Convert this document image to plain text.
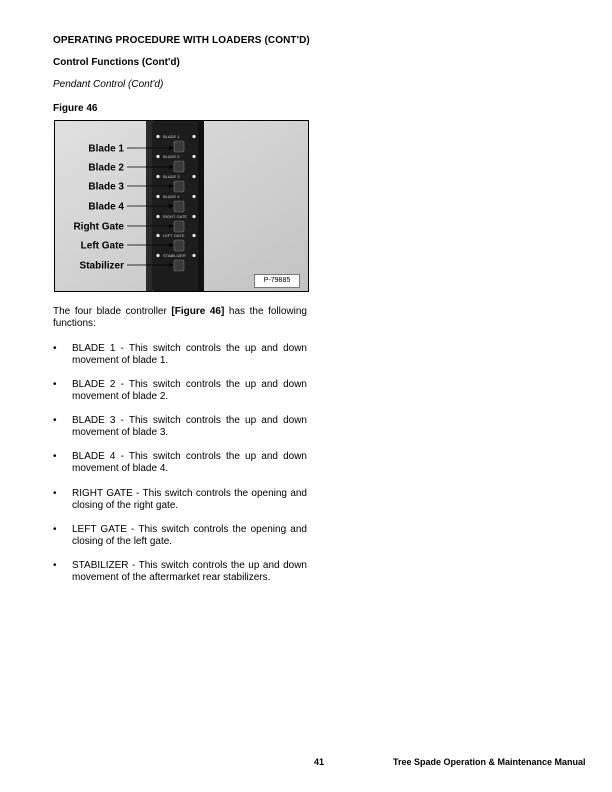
OPERATING PROCEDURE WITH LOADERS (CONT'D)
Control Functions (Cont'd)
Pendant Control (Cont'd)
Figure 46
BLADE 1
BLADE 2
BLADE 3
BLADE 4
RIGHT GATE
LEFT GATE
STABILIZER
Blade 1
Blade 2
Blade 3
Blade 4
Right Gate
Left Gate
Stabilizer
P-79885
The four blade controller [Figure 46] has the following functions:
• BLADE 1 - This switch controls the up and down movement of blade 1.
• BLADE 2 - This switch controls the up and down movement of blade 2.
• BLADE 3 - This switch controls the up and down movement of blade 3.
• BLADE 4 - This switch controls the up and down movement of blade 4.
• RIGHT GATE - This switch controls the opening and closing of the right gate.
• LEFT GATE - This switch controls the opening and closing of the left gate.
• STABILIZER - This switch controls the up and down movement of the aftermarket rear stabilizers.
41	Tree Spade Operation & Maintenance Manual
